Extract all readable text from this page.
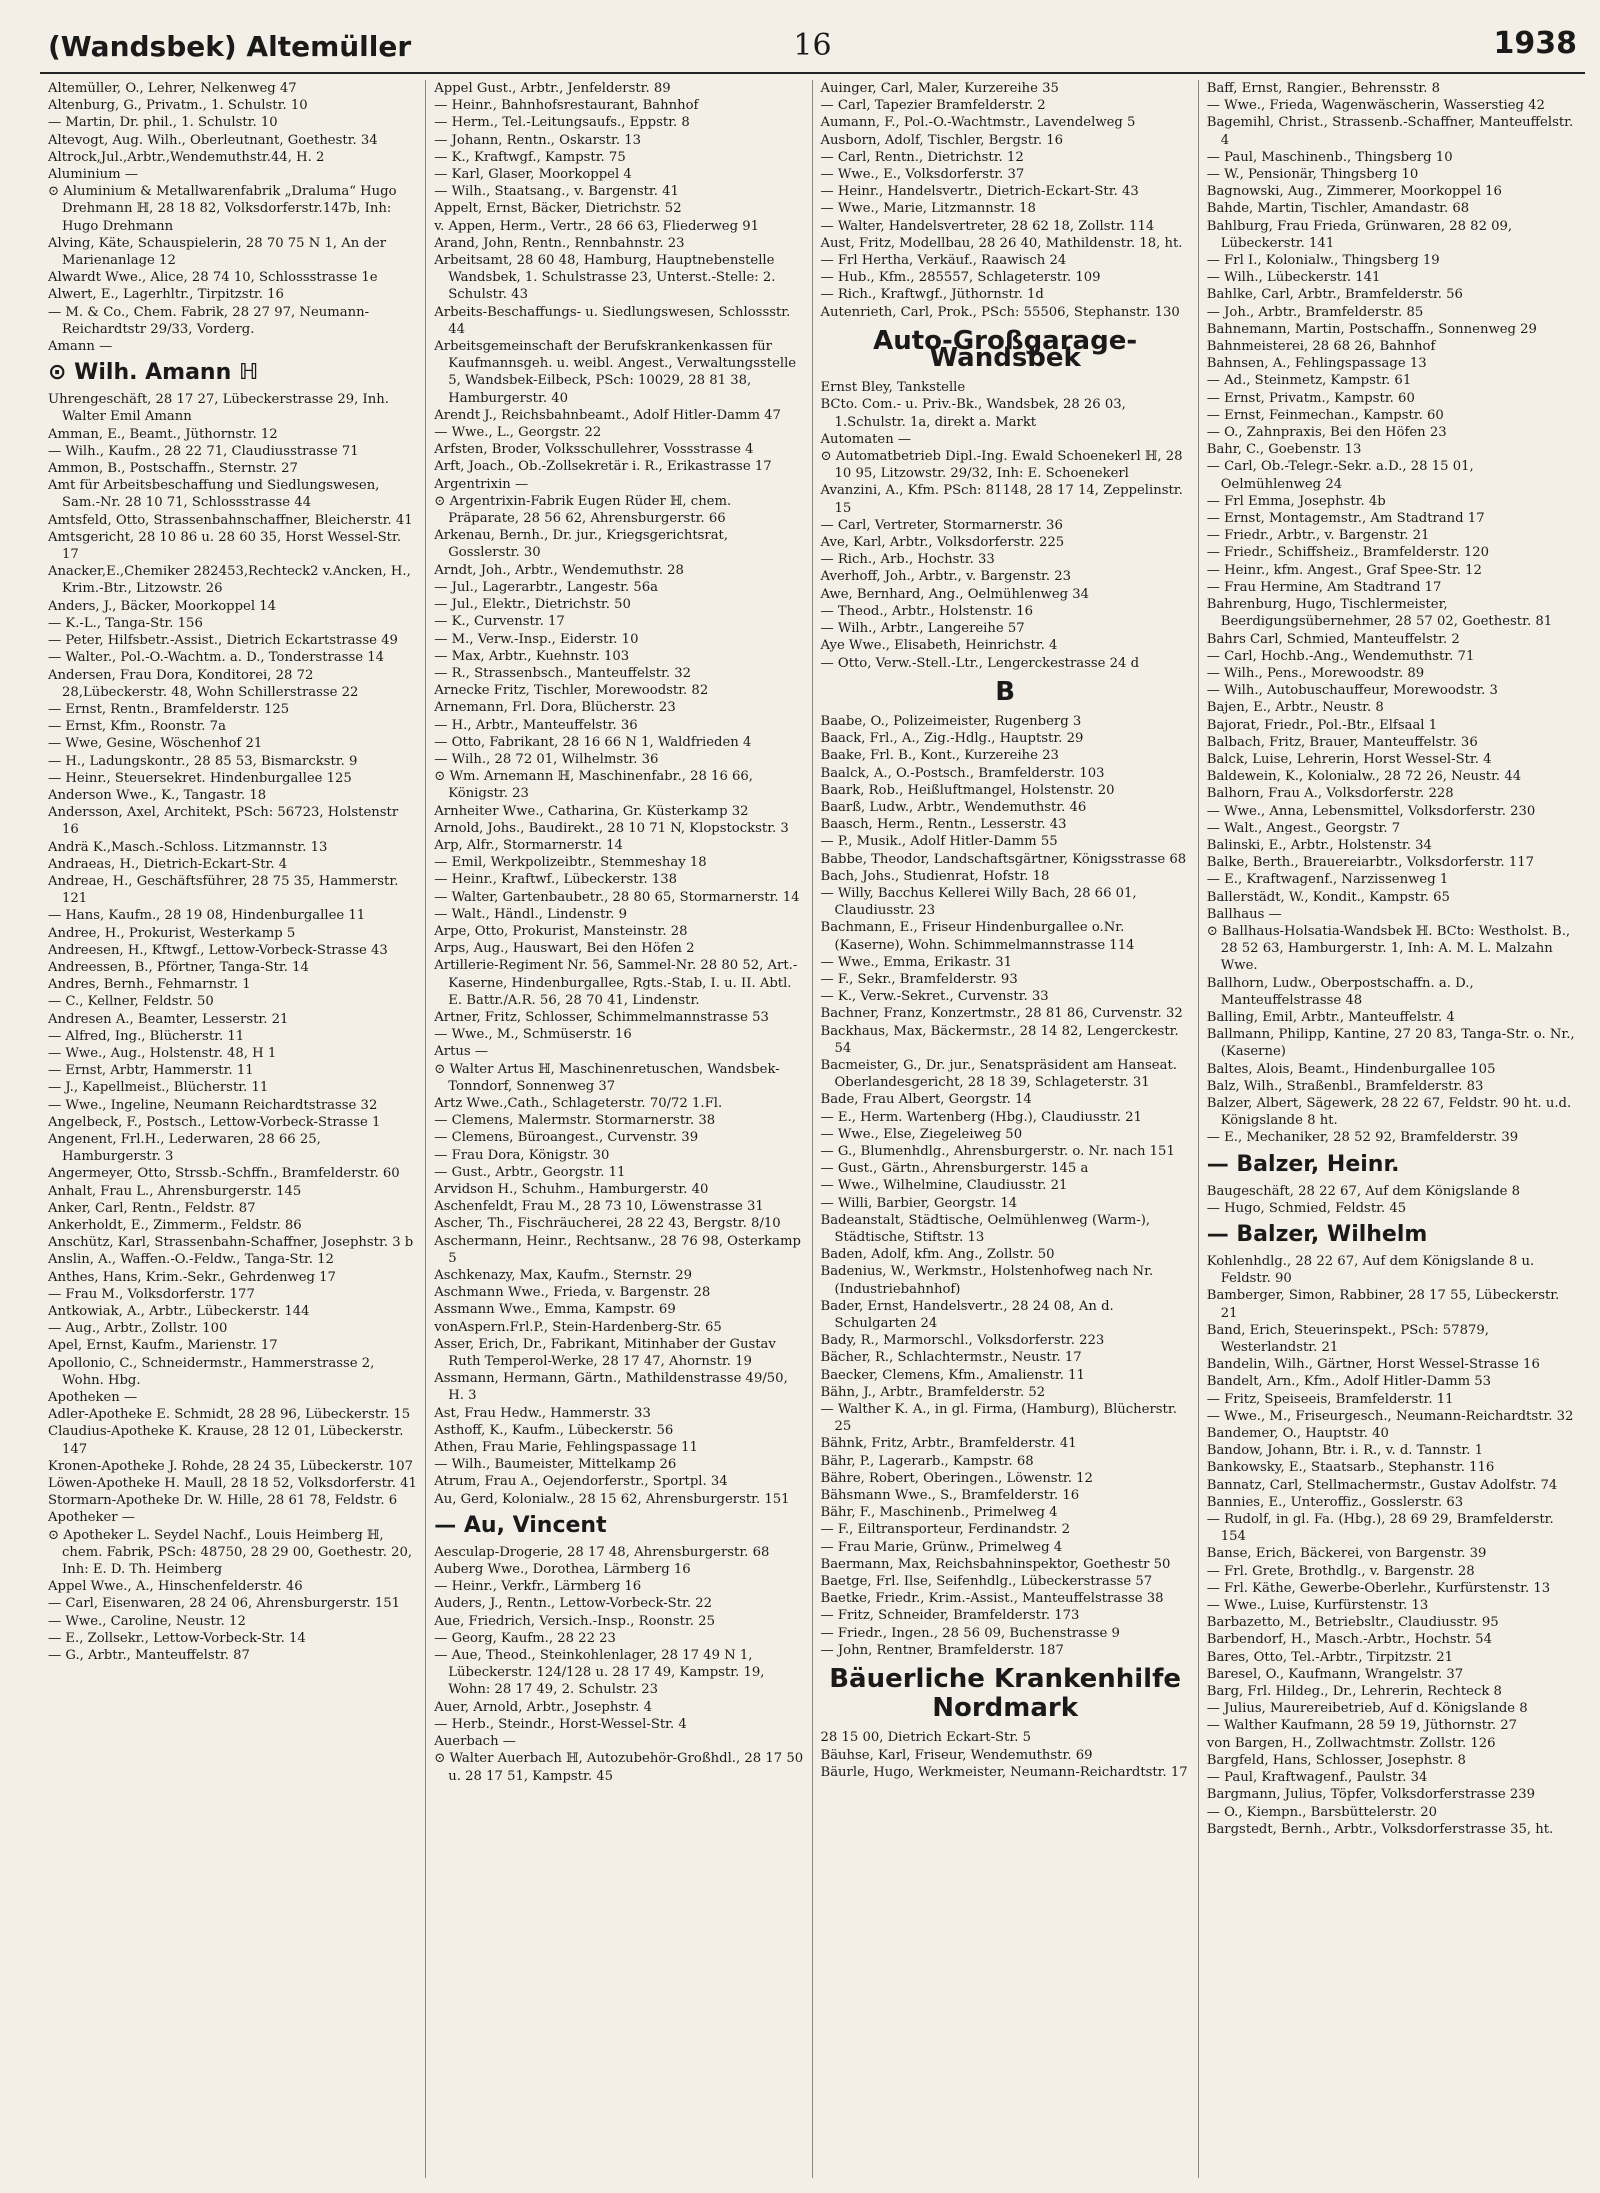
(Wandsbek) Altemüller	16	1938

Altemüller, O., Lehrer, Nelkenweg 47

Altenburg, G., Privatm., 1. Schulstr. 10

— Martin, Dr. phil., 1. Schulstr. 10

Altevogt, Aug. Wilh., Oberleutnant, Goethestr. 34

Altrock,Jul.,Arbtr.,Wendemuthstr.44, H. 2

Aluminium —

⊙ Aluminium & Metallwarenfabrik „Draluma“ Hugo Drehmann ℍ, 28 18 82, Volksdorferstr.147b, Inh: Hugo Drehmann

Alving, Käte, Schauspielerin, 28 70 75 N 1, An der Marienanlage 12

Alwardt Wwe., Alice, 28 74 10, Schlossstrasse 1e

Alwert, E., Lagerhltr., Tirpitzstr. 16

— M. & Co., Chem. Fabrik, 28 27 97, Neumann-Reichardtstr 29/33, Vorderg.

Amann —

⊙ Wilh. Amann ℍ

Uhrengeschäft, 28 17 27, Lübeckerstrasse 29, Inh. Walter Emil Amann

Amman, E., Beamt., Jüthornstr. 12

— Wilh., Kaufm., 28 22 71, Claudiusstrasse 71

Ammon, B., Postschaffn., Sternstr. 27

Amt für Arbeitsbeschaffung und Siedlungswesen, Sam.-Nr. 28 10 71, Schlossstrasse 44

Amtsfeld, Otto, Strassenbahnschaffner, Bleicherstr. 41

Amtsgericht, 28 10 86 u. 28 60 35, Horst Wessel-Str. 17

Anacker,E.,Chemiker 282453,Rechteck2 v.Ancken, H., Krim.-Btr., Litzowstr. 26

Anders, J., Bäcker, Moorkoppel 14

— K.-L., Tanga-Str. 156

— Peter, Hilfsbetr.-Assist., Dietrich Eckartstrasse 49

— Walter., Pol.-O.-Wachtm. a. D., Tonderstrasse 14

Andersen, Frau Dora, Konditorei, 28 72 28,Lübeckerstr. 48, Wohn Schillerstrasse 22

— Ernst, Rentn., Bramfelderstr. 125

— Ernst, Kfm., Roonstr. 7a

— Wwe, Gesine, Wöschenhof 21

— H., Ladungskontr., 28 85 53, Bismarckstr. 9

— Heinr., Steuersekret. Hindenburgallee 125

Anderson Wwe., K., Tangastr. 18

Andersson, Axel, Architekt, PSch: 56723, Holstenstr 16

Andrä K.,Masch.-Schloss. Litzmannstr. 13

Andraeas, H., Dietrich-Eckart-Str. 4

Andreae, H., Geschäftsführer, 28 75 35, Hammerstr. 121

— Hans, Kaufm., 28 19 08, Hindenburgallee 11

Andree, H., Prokurist, Westerkamp 5

Andreesen, H., Kftwgf., Lettow-Vorbeck-Strasse 43

Andreessen, B., Pförtner, Tanga-Str. 14

Andres, Bernh., Fehmarnstr. 1

— C., Kellner, Feldstr. 50

Andresen A., Beamter, Lesserstr. 21

— Alfred, Ing., Blücherstr. 11

— Wwe., Aug., Holstenstr. 48, H 1

— Ernst, Arbtr, Hammerstr. 11

— J., Kapellmeist., Blücherstr. 11

— Wwe., Ingeline, Neumann Reichardtstrasse 32

Angelbeck, F., Postsch., Lettow-Vorbeck-Strasse 1

Angenent, Frl.H., Lederwaren, 28 66 25, Hamburgerstr. 3

Angermeyer, Otto, Strssb.-Schffn., Bramfelderstr. 60

Anhalt, Frau L., Ahrensburgerstr. 145

Anker, Carl, Rentn., Feldstr. 87

Ankerholdt, E., Zimmerm., Feldstr. 86

Anschütz, Karl, Strassenbahn-Schaffner, Josephstr. 3 b

Anslin, A., Waffen.-O.-Feldw., Tanga-Str. 12

Anthes, Hans, Krim.-Sekr., Gehrdenweg 17

— Frau M., Volksdorferstr. 177

Antkowiak, A., Arbtr., Lübeckerstr. 144

— Aug., Arbtr., Zollstr. 100

Apel, Ernst, Kaufm., Marienstr. 17

Apollonio, C., Schneidermstr., Hammerstrasse 2, Wohn. Hbg.

Apotheken —

Adler-Apotheke E. Schmidt, 28 28 96, Lübeckerstr. 15

Claudius-Apotheke K. Krause, 28 12 01, Lübeckerstr. 147

Kronen-Apotheke J. Rohde, 28 24 35, Lübeckerstr. 107

Löwen-Apotheke H. Maull, 28 18 52, Volksdorferstr. 41

Stormarn-Apotheke Dr. W. Hille, 28 61 78, Feldstr. 6

Apotheker —

⊙ Apotheker L. Seydel Nachf., Louis Heimberg ℍ, chem. Fabrik, PSch: 48750, 28 29 00, Goethestr. 20, Inh: E. D. Th. Heimberg

Appel Wwe., A., Hinschenfelderstr. 46

— Carl, Eisenwaren, 28 24 06, Ahrensburgerstr. 151

— Wwe., Caroline, Neustr. 12

— E., Zollsekr., Lettow-Vorbeck-Str. 14

— G., Arbtr., Manteuffelstr. 87

Appel Gust., Arbtr., Jenfelderstr. 89

— Heinr., Bahnhofsrestaurant, Bahnhof

— Herm., Tel.-Leitungsaufs., Eppstr. 8

— Johann, Rentn., Oskarstr. 13

— K., Kraftwgf., Kampstr. 75

— Karl, Glaser, Moorkoppel 4

— Wilh., Staatsang., v. Bargenstr. 41

Appelt, Ernst, Bäcker, Dietrichstr. 52

v. Appen, Herm., Vertr., 28 66 63, Fliederweg 91

Arand, John, Rentn., Rennbahnstr. 23

Arbeitsamt, 28 60 48, Hamburg, Hauptnebenstelle Wandsbek, 1. Schulstrasse 23, Unterst.-Stelle: 2. Schulstr. 43

Arbeits-Beschaffungs- u. Siedlungswesen, Schlossstr. 44

Arbeitsgemeinschaft der Berufskrankenkassen für Kaufmannsgeh. u. weibl. Angest., Verwaltungsstelle 5, Wandsbek-Eilbeck, PSch: 10029, 28 81 38, Hamburgerstr. 40

Arendt J., Reichsbahnbeamt., Adolf Hitler-Damm 47

— Wwe., L., Georgstr. 22

Arfsten, Broder, Volksschullehrer, Vossstrasse 4

Arft, Joach., Ob.-Zollsekretär i. R., Erikastrasse 17

Argentrixin —

⊙ Argentrixin-Fabrik Eugen Rüder ℍ, chem. Präparate, 28 56 62, Ahrensburgerstr. 66

Arkenau, Bernh., Dr. jur., Kriegsgerichtsrat, Gosslerstr. 30

Arndt, Joh., Arbtr., Wendemuthstr. 28

— Jul., Lagerarbtr., Langestr. 56a

— Jul., Elektr., Dietrichstr. 50

— K., Curvenstr. 17

— M., Verw.-Insp., Eiderstr. 10

— Max, Arbtr., Kuehnstr. 103

— R., Strassenbsch., Manteuffelstr. 32

Arnecke Fritz, Tischler, Morewoodstr. 82

Arnemann, Frl. Dora, Blücherstr. 23

— H., Arbtr., Manteuffelstr. 36

— Otto, Fabrikant, 28 16 66 N 1, Waldfrieden 4

— Wilh., 28 72 01, Wilhelmstr. 36

⊙ Wm. Arnemann ℍ, Maschinenfabr., 28 16 66, Königstr. 23

Arnheiter Wwe., Catharina, Gr. Küsterkamp 32

Arnold, Johs., Baudirekt., 28 10 71 N, Klopstockstr. 3

Arp, Alfr., Stormarnerstr. 14

— Emil, Werkpolizeibtr., Stemmeshay 18

— Heinr., Kraftwf., Lübeckerstr. 138

— Walter, Gartenbaubetr., 28 80 65, Stormarnerstr. 14

— Walt., Händl., Lindenstr. 9

Arpe, Otto, Prokurist, Mansteinstr. 28

Arps, Aug., Hauswart, Bei den Höfen 2

Artillerie-Regiment Nr. 56, Sammel-Nr. 28 80 52, Art.-Kaserne, Hindenburgallee, Rgts.-Stab, I. u. II. Abtl. E. Battr./A.R. 56, 28 70 41, Lindenstr.

Artner, Fritz, Schlosser, Schimmelmannstrasse 53

— Wwe., M., Schmüserstr. 16

Artus —

⊙ Walter Artus ℍ, Maschinenretuschen, Wandsbek-Tonndorf, Sonnenweg 37

Artz Wwe.,Cath., Schlageterstr. 70/72 1.Fl.

— Clemens, Malermstr. Stormarnerstr. 38

— Clemens, Büroangest., Curvenstr. 39

— Frau Dora, Königstr. 30

— Gust., Arbtr., Georgstr. 11

Arvidson H., Schuhm., Hamburgerstr. 40

Aschenfeldt, Frau M., 28 73 10, Löwenstrasse 31

Ascher, Th., Fischräucherei, 28 22 43, Bergstr. 8/10

Aschermann, Heinr., Rechtsanw., 28 76 98, Osterkamp 5

Aschkenazy, Max, Kaufm., Sternstr. 29

Aschmann Wwe., Frieda, v. Bargenstr. 28

Assmann Wwe., Emma, Kampstr. 69

vonAspern.Frl.P., Stein-Hardenberg-Str. 65

Asser, Erich, Dr., Fabrikant, Mitinhaber der Gustav Ruth Temperol-Werke, 28 17 47, Ahornstr. 19

Assmann, Hermann, Gärtn., Mathildenstrasse 49/50, H. 3

Ast, Frau Hedw., Hammerstr. 33

Asthoff, K., Kaufm., Lübeckerstr. 56

Athen, Frau Marie, Fehlingspassage 11

— Wilh., Baumeister, Mittelkamp 26

Atrum, Frau A., Oejendorferstr., Sportpl. 34

Au, Gerd, Kolonialw., 28 15 62, Ahrensburgerstr. 151

— Au, Vincent

Aesculap-Drogerie, 28 17 48, Ahrensburgerstr. 68

Auberg Wwe., Dorothea, Lärmberg 16

— Heinr., Verkfr., Lärmberg 16

Auders, J., Rentn., Lettow-Vorbeck-Str. 22

Aue, Friedrich, Versich.-Insp., Roonstr. 25

— Georg, Kaufm., 28 22 23

— Aue, Theod., Steinkohlenlager, 28 17 49 N 1, Lübeckerstr. 124/128 u. 28 17 49, Kampstr. 19, Wohn: 28 17 49, 2. Schulstr. 23

Auer, Arnold, Arbtr., Josephstr. 4

— Herb., Steindr., Horst-Wessel-Str. 4

Auerbach —

⊙ Walter Auerbach ℍ, Autozubehör-Großhdl., 28 17 50 u. 28 17 51, Kampstr. 45

Auinger, Carl, Maler, Kurzereihe 35

— Carl, Tapezier Bramfelderstr. 2

Aumann, F., Pol.-O.-Wachtmstr., Lavendelweg 5

Ausborn, Adolf, Tischler, Bergstr. 16

— Carl, Rentn., Dietrichstr. 12

— Wwe., E., Volksdorferstr. 37

— Heinr., Handelsvertr., Dietrich-Eckart-Str. 43

— Wwe., Marie, Litzmannstr. 18

— Walter, Handelsvertreter, 28 62 18, Zollstr. 114

Aust, Fritz, Modellbau, 28 26 40, Mathildenstr. 18, ht.

— Frl Hertha, Verkäuf., Raawisch 24

— Hub., Kfm., 285557, Schlageterstr. 109

— Rich., Kraftwgf., Jüthornstr. 1d

Autenrieth, Carl, Prok., PSch: 55506, Stephanstr. 130

Auto-Großgarage-Wandsbek

Ernst Bley, Tankstelle

BCto. Com.- u. Priv.-Bk., Wandsbek, 28 26 03, 1.Schulstr. 1a, direkt a. Markt

Automaten —

⊙ Automatbetrieb Dipl.-Ing. Ewald Schoenekerl ℍ, 28 10 95, Litzowstr. 29/32, Inh: E. Schoenekerl

Avanzini, A., Kfm. PSch: 81148, 28 17 14, Zeppelinstr. 15

— Carl, Vertreter, Stormarnerstr. 36

Ave, Karl, Arbtr., Volksdorferstr. 225

— Rich., Arb., Hochstr. 33

Averhoff, Joh., Arbtr., v. Bargenstr. 23

Awe, Bernhard, Ang., Oelmühlenweg 34

— Theod., Arbtr., Holstenstr. 16

— Wilh., Arbtr., Langereihe 57

Aye Wwe., Elisabeth, Heinrichstr. 4

— Otto, Verw.-Stell.-Ltr., Lengerckestrasse 24 d

B

Baabe, O., Polizeimeister, Rugenberg 3

Baack, Frl., A., Zig.-Hdlg., Hauptstr. 29

Baake, Frl. B., Kont., Kurzereihe 23

Baalck, A., O.-Postsch., Bramfelderstr. 103

Baark, Rob., Heißluftmangel, Holstenstr. 20

Baarß, Ludw., Arbtr., Wendemuthstr. 46

Baasch, Herm., Rentn., Lesserstr. 43

— P., Musik., Adolf Hitler-Damm 55

Babbe, Theodor, Landschaftsgärtner, Königsstrasse 68

Bach, Johs., Studienrat, Hofstr. 18

— Willy, Bacchus Kellerei Willy Bach, 28 66 01, Claudiusstr. 23

Bachmann, E., Friseur Hindenburgallee o.Nr.(Kaserne), Wohn. Schimmelmannstrasse 114

— Wwe., Emma, Erikastr. 31

— F., Sekr., Bramfelderstr. 93

— K., Verw.-Sekret., Curvenstr. 33

Bachner, Franz, Konzertmstr., 28 81 86, Curvenstr. 32

Backhaus, Max, Bäckermstr., 28 14 82, Lengerckestr. 54

Bacmeister, G., Dr. jur., Senatspräsident am Hanseat. Oberlandesgericht, 28 18 39, Schlageterstr. 31

Bade, Frau Albert, Georgstr. 14

— E., Herm. Wartenberg (Hbg.), Claudiusstr. 21

— Wwe., Else, Ziegeleiweg 50

— G., Blumenhdlg., Ahrensburgerstr. o. Nr. nach 151

— Gust., Gärtn., Ahrensburgerstr. 145 a

— Wwe., Wilhelmine, Claudiusstr. 21

— Willi, Barbier, Georgstr. 14

Badeanstalt, Städtische, Oelmühlenweg (Warm-), Städtische, Stiftstr. 13

Baden, Adolf, kfm. Ang., Zollstr. 50

Badenius, W., Werkmstr., Holstenhofweg nach Nr. (Industriebahnhof)

Bader, Ernst, Handelsvertr., 28 24 08, An d. Schulgarten 24

Bady, R., Marmorschl., Volksdorferstr. 223

Bächer, R., Schlachtermstr., Neustr. 17

Baecker, Clemens, Kfm., Amalienstr. 11

Bähn, J., Arbtr., Bramfelderstr. 52

— Walther K. A., in gl. Firma, (Hamburg), Blücherstr. 25

Bähnk, Fritz, Arbtr., Bramfelderstr. 41

Bähr, P., Lagerarb., Kampstr. 68

Bähre, Robert, Oberingen., Löwenstr. 12

Bähsmann Wwe., S., Bramfelderstr. 16

Bähr, F., Maschinenb., Primelweg 4

— F., Eiltransporteur, Ferdinandstr. 2

— Frau Marie, Grünw., Primelweg 4

Baermann, Max, Reichsbahninspektor, Goethestr 50

Baetge, Frl. Ilse, Seifenhdlg., Lübeckerstrasse 57

Baetke, Friedr., Krim.-Assist., Manteuffelstrasse 38

— Fritz, Schneider, Bramfelderstr. 173

— Friedr., Ingen., 28 56 09, Buchenstrasse 9

— John, Rentner, Bramfelderstr. 187

Bäuerliche Krankenhilfe

Nordmark

28 15 00, Dietrich Eckart-Str. 5

Bäuhse, Karl, Friseur, Wendemuthstr. 69

Bäurle, Hugo, Werkmeister, Neumann-Reichardtstr. 17

Baff, Ernst, Rangier., Behrensstr. 8

— Wwe., Frieda, Wagenwäscherin, Wasserstieg 42

Bagemihl, Christ., Strassenb.-Schaffner, Manteuffelstr. 4

— Paul, Maschinenb., Thingsberg 10

— W., Pensionär, Thingsberg 10

Bagnowski, Aug., Zimmerer, Moorkoppel 16

Bahde, Martin, Tischler, Amandastr. 68

Bahlburg, Frau Frieda, Grünwaren, 28 82 09, Lübeckerstr. 141

— Frl I., Kolonialw., Thingsberg 19

— Wilh., Lübeckerstr. 141

Bahlke, Carl, Arbtr., Bramfelderstr. 56

— Joh., Arbtr., Bramfelderstr. 85

Bahnemann, Martin, Postschaffn., Sonnenweg 29

Bahnmeisterei, 28 68 26, Bahnhof

Bahnsen, A., Fehlingspassage 13

— Ad., Steinmetz, Kampstr. 61

— Ernst, Privatm., Kampstr. 60

— Ernst, Feinmechan., Kampstr. 60

— O., Zahnpraxis, Bei den Höfen 23

Bahr, C., Goebenstr. 13

— Carl, Ob.-Telegr.-Sekr. a.D., 28 15 01, Oelmühlenweg 24

— Frl Emma, Josephstr. 4b

— Ernst, Montagemstr., Am Stadtrand 17

— Friedr., Arbtr., v. Bargenstr. 21

— Friedr., Schiffsheiz., Bramfelderstr. 120

— Heinr., kfm. Angest., Graf Spee-Str. 12

— Frau Hermine, Am Stadtrand 17

Bahrenburg, Hugo, Tischlermeister, Beerdigungsübernehmer, 28 57 02, Goethestr. 81

Bahrs Carl, Schmied, Manteuffelstr. 2

— Carl, Hochb.-Ang., Wendemuthstr. 71

— Wilh., Pens., Morewoodstr. 89

— Wilh., Autobuschauffeur, Morewoodstr. 3

Bajen, E., Arbtr., Neustr. 8

Bajorat, Friedr., Pol.-Btr., Elfsaal 1

Balbach, Fritz, Brauer, Manteuffelstr. 36

Balck, Luise, Lehrerin, Horst Wessel-Str. 4

Baldewein, K., Kolonialw., 28 72 26, Neustr. 44

Balhorn, Frau A., Volksdorferstr. 228

— Wwe., Anna, Lebensmittel, Volksdorferstr. 230

— Walt., Angest., Georgstr. 7

Balinski, E., Arbtr., Holstenstr. 34

Balke, Berth., Brauereiarbtr., Volksdorferstr. 117

— E., Kraftwagenf., Narzissenweg 1

Ballerstädt, W., Kondit., Kampstr. 65

Ballhaus —

⊙ Ballhaus-Holsatia-Wandsbek ℍ. BCto: Westholst. B., 28 52 63, Hamburgerstr. 1, Inh: A. M. L. Malzahn Wwe.

Ballhorn, Ludw., Oberpostschaffn. a. D., Manteuffelstrasse 48

Balling, Emil, Arbtr., Manteuffelstr. 4

Ballmann, Philipp, Kantine, 27 20 83, Tanga-Str. o. Nr., (Kaserne)

Baltes, Alois, Beamt., Hindenburgallee 105

Balz, Wilh., Straßenbl., Bramfelderstr. 83

Balzer, Albert, Sägewerk, 28 22 67, Feldstr. 90 ht. u.d. Königslande 8 ht.

— E., Mechaniker, 28 52 92, Bramfelderstr. 39

— Balzer, Heinr.

Baugeschäft, 28 22 67, Auf dem Königslande 8

— Hugo, Schmied, Feldstr. 45

— Balzer, Wilhelm

Kohlenhdlg., 28 22 67, Auf dem Königslande 8 u. Feldstr. 90

Bamberger, Simon, Rabbiner, 28 17 55, Lübeckerstr. 21

Band, Erich, Steuerinspekt., PSch: 57879, Westerlandstr. 21

Bandelin, Wilh., Gärtner, Horst Wessel-Strasse 16

Bandelt, Arn., Kfm., Adolf Hitler-Damm 53

— Fritz, Speiseeis, Bramfelderstr. 11

— Wwe., M., Friseurgesch., Neumann-Reichardtstr. 32

Bandemer, O., Hauptstr. 40

Bandow, Johann, Btr. i. R., v. d. Tannstr. 1

Bankowsky, E., Staatsarb., Stephanstr. 116

Bannatz, Carl, Stellmachermstr., Gustav Adolfstr. 74

Bannies, E., Unteroffiz., Gosslerstr. 63

— Rudolf, in gl. Fa. (Hbg.), 28 69 29, Bramfelderstr. 154

Banse, Erich, Bäckerei, von Bargenstr. 39

— Frl. Grete, Brothdlg., v. Bargenstr. 28

— Frl. Käthe, Gewerbe-Oberlehr., Kurfürstenstr. 13

— Wwe., Luise, Kurfürstenstr. 13

Barbazetto, M., Betriebsltr., Claudiusstr. 95

Barbendorf, H., Masch.-Arbtr., Hochstr. 54

Bares, Otto, Tel.-Arbtr., Tirpitzstr. 21

Baresel, O., Kaufmann, Wrangelstr. 37

Barg, Frl. Hildeg., Dr., Lehrerin, Rechteck 8

— Julius, Maurereibetrieb, Auf d. Königslande 8

— Walther Kaufmann, 28 59 19, Jüthornstr. 27

von Bargen, H., Zollwachtmstr. Zollstr. 126

Bargfeld, Hans, Schlosser, Josephstr. 8

— Paul, Kraftwagenf., Paulstr. 34

Bargmann, Julius, Töpfer, Volksdorferstrasse 239

— O., Kiempn., Barsbüttelerstr. 20

Bargstedt, Bernh., Arbtr., Volksdorferstrasse 35, ht.
